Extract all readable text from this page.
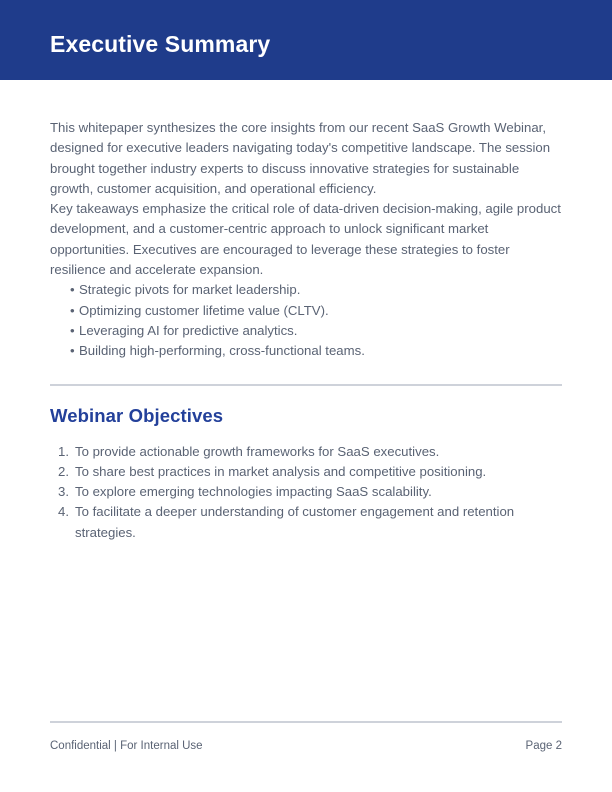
Executive Summary

This whitepaper synthesizes the core insights from our recent SaaS Growth Webinar, designed for executive leaders navigating today's competitive landscape. The session brought together industry experts to discuss innovative strategies for sustainable growth, customer acquisition, and operational efficiency.

Key takeaways emphasize the critical role of data-driven decision-making, agile product development, and a customer-centric approach to unlock significant market opportunities. Executives are encouraged to leverage these strategies to foster resilience and accelerate expansion.

• Strategic pivots for market leadership.
• Optimizing customer lifetime value (CLTV).
• Leveraging AI for predictive analytics.
• Building high-performing, cross-functional teams.
Webinar Objectives
1. To provide actionable growth frameworks for SaaS executives.
2. To share best practices in market analysis and competitive positioning.
3. To explore emerging technologies impacting SaaS scalability.
4. To facilitate a deeper understanding of customer engagement and retention strategies.
Confidential | For Internal Use	Page 2
